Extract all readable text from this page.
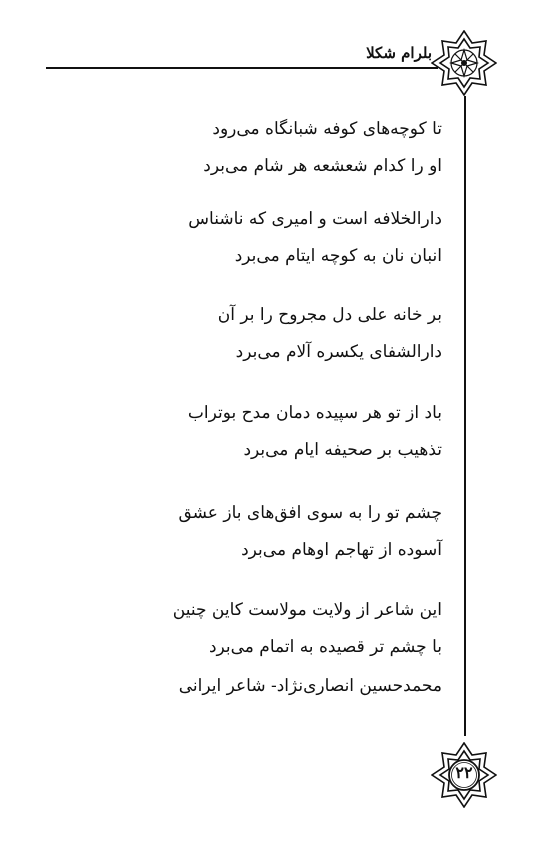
بلرام شکلا
۲۲
تا کوچه‌های کوفه شبانگاه می‌رود
او را کدام شعشعه هر شام می‌برد
دارالخلافه است و امیری که ناشناس
انبان نان به کوچه ایتام می‌برد
بر خانه علی دل مجروح را بر آن
دارالشفای یکسره آلام می‌برد
باد از تو هر سپیده دمان مدح بوتراب
تذهیب بر صحیفه ایام می‌برد
چشم تو را به سوی افق‌های باز عشق
آسوده از تهاجم اوهام می‌برد
این شاعر از ولایت مولاست کاین چنین
با چشم تر قصیده به اتمام می‌برد
محمدحسین انصاری‌نژاد- شاعر ایرانی
